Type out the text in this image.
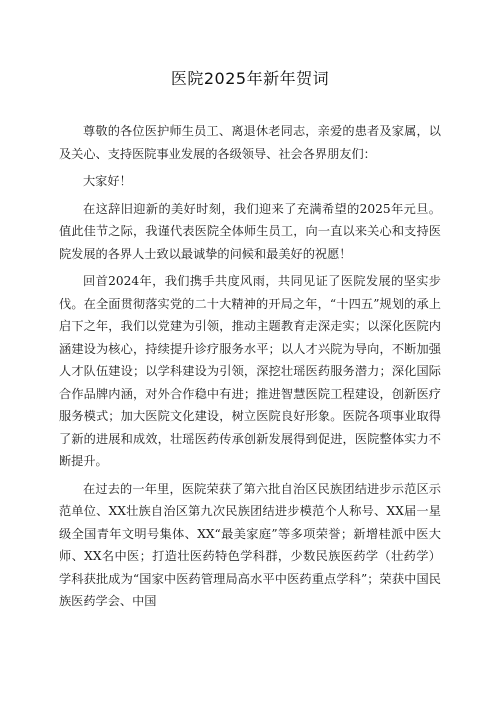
医院2025年新年贺词

尊敬的各位医护师生员工、离退休老同志，亲爱的患者及家属，以及关心、支持医院事业发展的各级领导、社会各界朋友们：

大家好！

在这辞旧迎新的美好时刻，我们迎来了充满希望的2025年元旦。值此佳节之际，我谨代表医院全体师生员工，向一直以来关心和支持医院发展的各界人士致以最诚挚的问候和最美好的祝愿！

回首2024年，我们携手共度风雨，共同见证了医院发展的坚实步伐。在全面贯彻落实党的二十大精神的开局之年，“十四五”规划的承上启下之年，我们以党建为引领，推动主题教育走深走实；以深化医院内涵建设为核心，持续提升诊疗服务水平；以人才兴院为导向，不断加强人才队伍建设；以学科建设为引领，深挖壮瑶医药服务潜力；深化国际合作品牌内涵，对外合作稳中有进；推进智慧医院工程建设，创新医疗服务模式；加大医院文化建设，树立医院良好形象。医院各项事业取得了新的进展和成效，壮瑶医药传承创新发展得到促进，医院整体实力不断提升。

在过去的一年里，医院荣获了第六批自治区民族团结进步示范区示范单位、XX壮族自治区第九次民族团结进步模范个人称号、XX届一星级全国青年文明号集体、XX“最美家庭”等多项荣誉；新增桂派中医大师、XX名中医；打造壮医药特色学科群，少数民族医药学（壮药学）学科获批成为“国家中医药管理局高水平中医药重点学科”；荣获中国民族医药学会、中国
